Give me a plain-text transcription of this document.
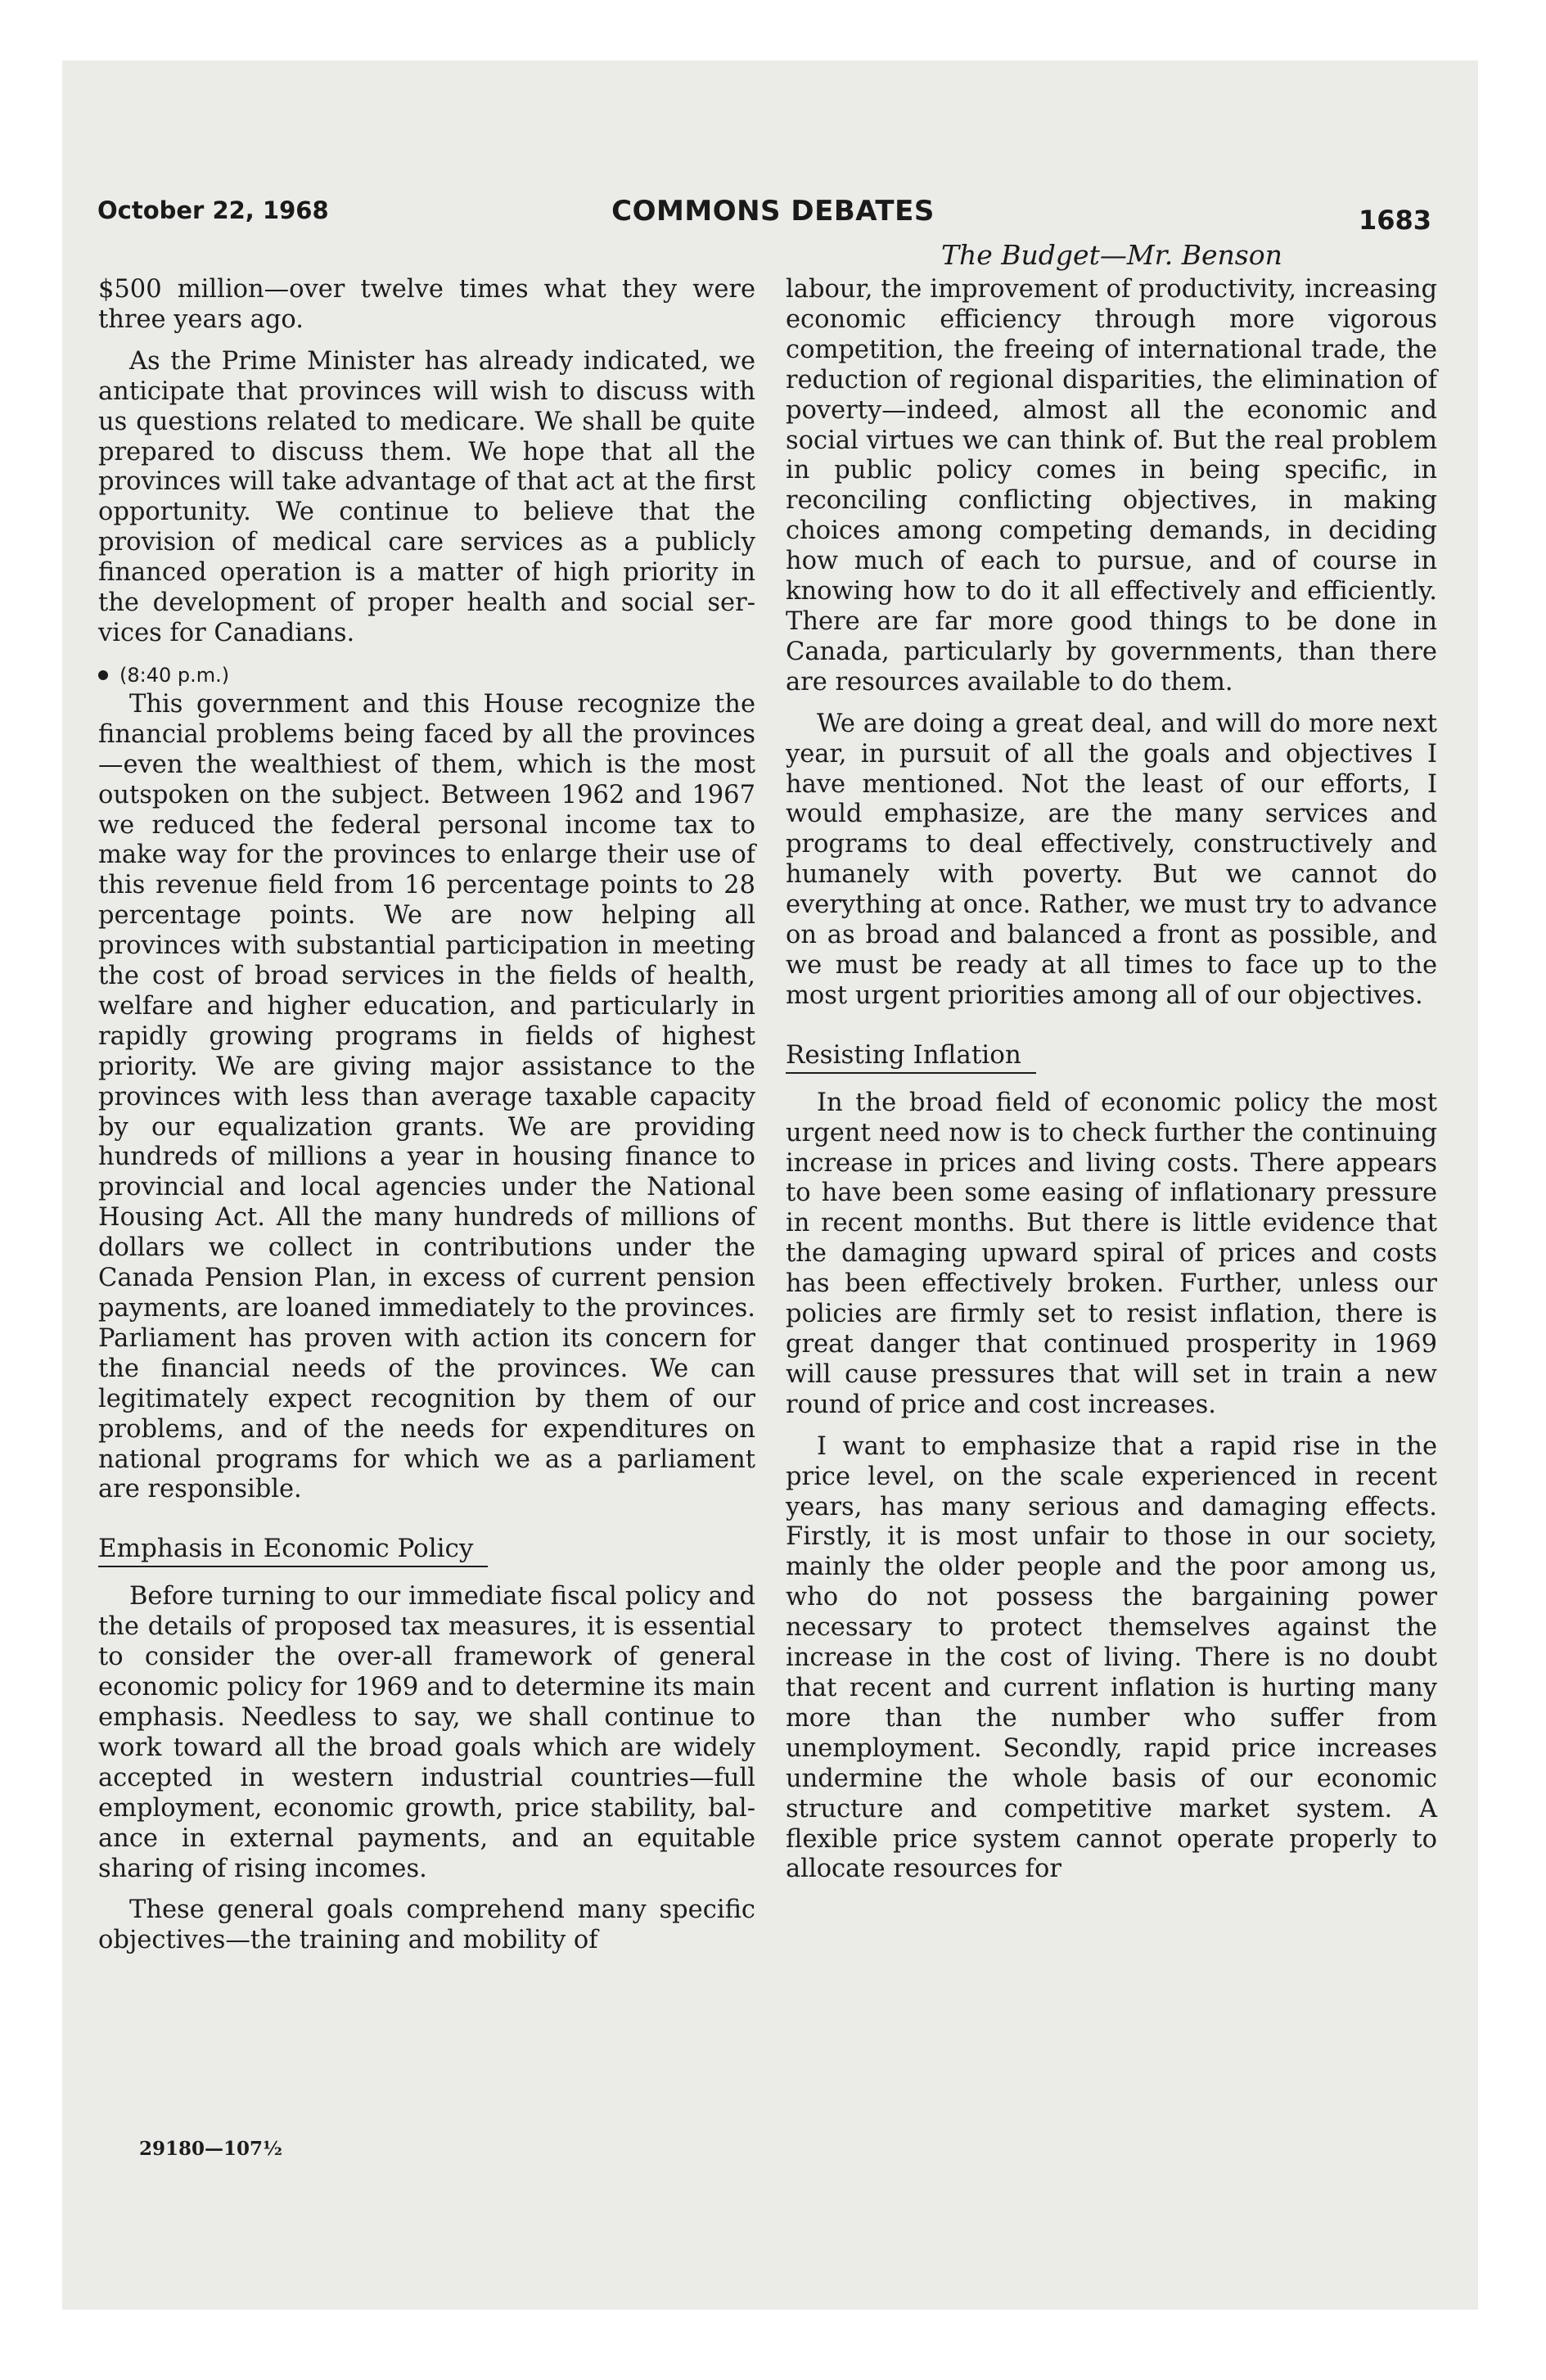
October 22, 1968	COMMONS DEBATES	1683
The Budget—Mr. Benson

$500 million—over twelve times what they were three years ago.

As the Prime Minister has already indicated, we anticipate that provinces will wish to discuss with us questions related to medicare. We shall be quite prepared to discuss them. We hope that all the provinces will take advantage of that act at the first opportunity. We continue to believe that the provision of medical care services as a publicly financed operation is a matter of high priority in the development of proper health and social services for Canadians.

(8:40 p.m.)

This government and this House recognize the financial problems being faced by all the provinces—even the wealthiest of them, which is the most outspoken on the subject. Between 1962 and 1967 we reduced the federal personal income tax to make way for the provinces to enlarge their use of this revenue field from 16 percentage points to 28 percentage points. We are now helping all provinces with substantial participation in meeting the cost of broad services in the fields of health, welfare and higher education, and particularly in rapidly growing programs in fields of highest priority. We are giving major assistance to the provinces with less than average taxable capacity by our equalization grants. We are providing hundreds of millions a year in housing finance to provincial and local agencies under the National Housing Act. All the many hundreds of millions of dollars we collect in contributions under the Canada Pension Plan, in excess of current pension payments, are loaned immediately to the provinces. Parliament has proven with action its concern for the financial needs of the provinces. We can legitimately expect recognition by them of our problems, and of the needs for expenditures on national programs for which we as a parliament are responsible.

Emphasis in Economic Policy

Before turning to our immediate fiscal policy and the details of proposed tax measures, it is essential to consider the over-all framework of general economic policy for 1969 and to determine its main emphasis. Needless to say, we shall continue to work toward all the broad goals which are widely accepted in western industrial countries—full employment, economic growth, price stability, balance in external payments, and an equitable sharing of rising incomes.

These general goals comprehend many specific objectives—the training and mobility of

labour, the improvement of productivity, increasing economic efficiency through more vigorous competition, the freeing of international trade, the reduction of regional disparities, the elimination of poverty—indeed, almost all the economic and social virtues we can think of. But the real problem in public policy comes in being specific, in reconciling conflicting objectives, in making choices among competing demands, in deciding how much of each to pursue, and of course in knowing how to do it all effectively and efficiently. There are far more good things to be done in Canada, particularly by governments, than there are resources available to do them.

We are doing a great deal, and will do more next year, in pursuit of all the goals and objectives I have mentioned. Not the least of our efforts, I would emphasize, are the many services and programs to deal effectively, constructively and humanely with poverty. But we cannot do everything at once. Rather, we must try to advance on as broad and balanced a front as possible, and we must be ready at all times to face up to the most urgent priorities among all of our objectives.

Resisting Inflation

In the broad field of economic policy the most urgent need now is to check further the continuing increase in prices and living costs. There appears to have been some easing of inflationary pressure in recent months. But there is little evidence that the damaging upward spiral of prices and costs has been effectively broken. Further, unless our policies are firmly set to resist inflation, there is great danger that continued prosperity in 1969 will cause pressures that will set in train a new round of price and cost increases.

I want to emphasize that a rapid rise in the price level, on the scale experienced in recent years, has many serious and damaging effects. Firstly, it is most unfair to those in our society, mainly the older people and the poor among us, who do not possess the bargaining power necessary to protect themselves against the increase in the cost of living. There is no doubt that recent and current inflation is hurting many more than the number who suffer from unemployment. Secondly, rapid price increases undermine the whole basis of our economic structure and competitive market system. A flexible price system cannot operate properly to allocate resources for

29180—107½
